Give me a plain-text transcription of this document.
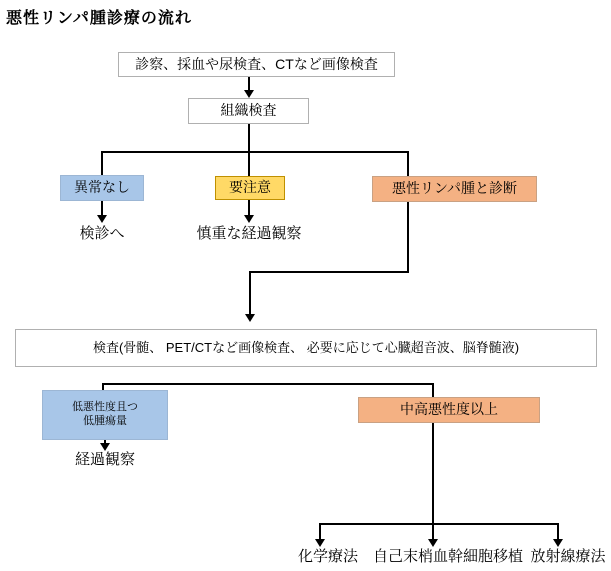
悪性リンパ腫診療の流れ
診察、採血や尿検査、CTなど画像検査
組織検査
異常なし	要注意	悪性リンパ腫と診断
検診へ	慎重な経過観察
検査(骨髄、 PET/CTなど画像検査、 必要に応じて心臓超音波、脳脊髄液)
低悪性度且つ
低腫瘍量
経過観察
中高悪性度以上
化学療法 自己末梢血幹細胞移植 放射線療法
